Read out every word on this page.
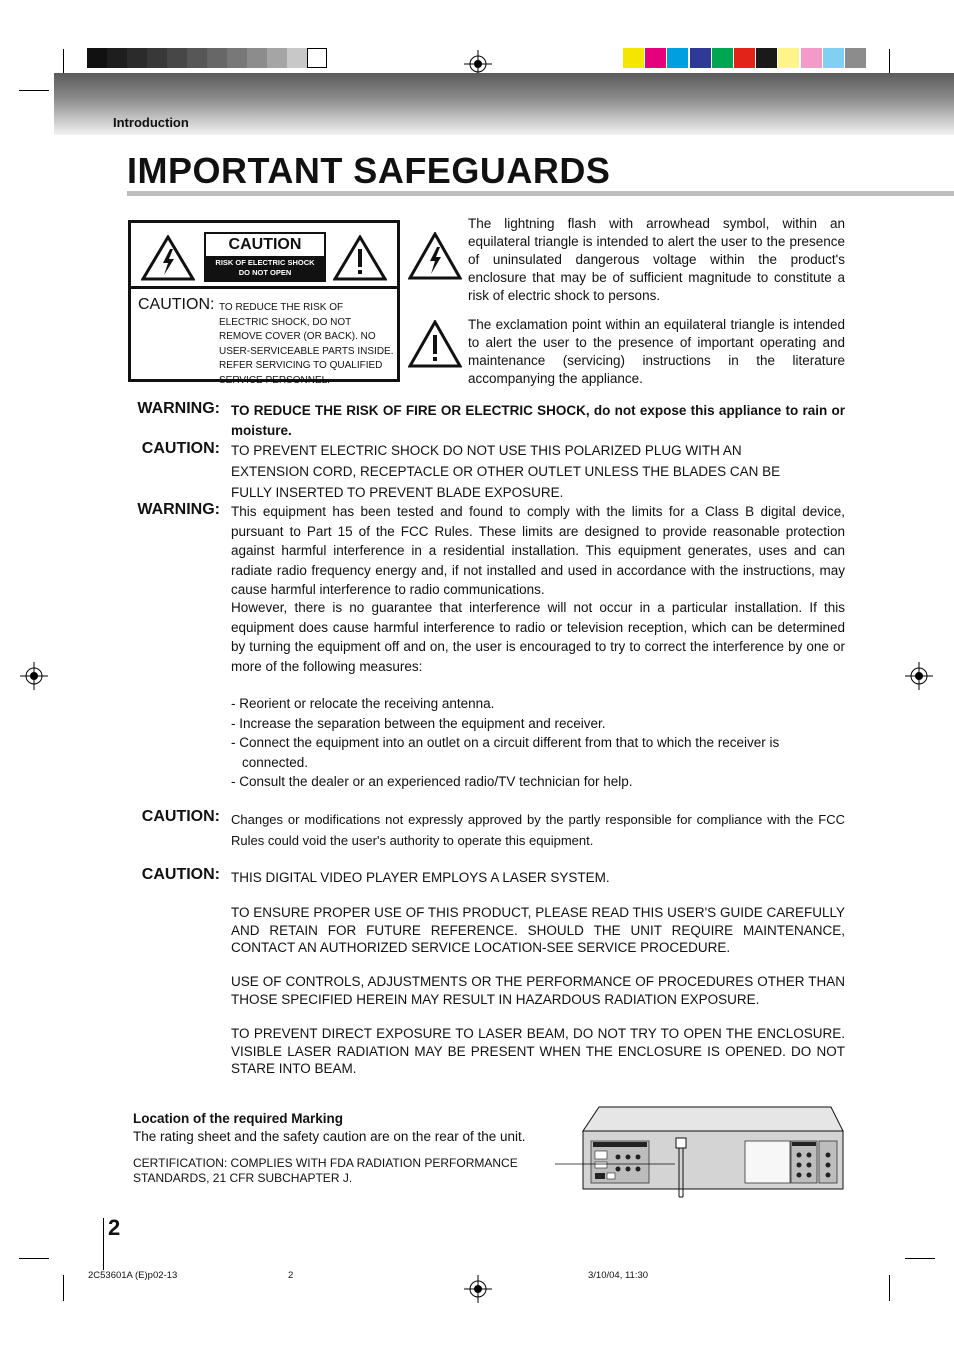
Introduction
IMPORTANT SAFEGUARDS
CAUTION
RISK OF ELECTRIC SHOCK
DO NOT OPEN
CAUTION: TO REDUCE THE RISK OF ELECTRIC SHOCK, DO NOT REMOVE COVER (OR BACK). NO USER-SERVICEABLE PARTS INSIDE. REFER SERVICING TO QUALIFIED SERVICE PERSONNEL.
The lightning flash with arrowhead symbol, within an equilateral triangle is intended to alert the user to the presence of uninsulated dangerous voltage within the product's enclosure that may be of sufficient magnitude to constitute a risk of electric shock to persons.
The exclamation point within an equilateral triangle is intended to alert the user to the presence of important operating and maintenance (servicing) instructions in the literature accompanying the appliance.
WARNING: TO REDUCE THE RISK OF FIRE OR ELECTRIC SHOCK, do not expose this appliance to rain or moisture.
CAUTION: TO PREVENT ELECTRIC SHOCK DO NOT USE THIS POLARIZED PLUG WITH AN EXTENSION CORD, RECEPTACLE OR OTHER OUTLET UNLESS THE BLADES CAN BE FULLY INSERTED TO PREVENT BLADE EXPOSURE.
WARNING: This equipment has been tested and found to comply with the limits for a Class B digital device, pursuant to Part 15 of the FCC Rules. These limits are designed to provide reasonable protection against harmful interference in a residential installation. This equipment generates, uses and can radiate radio frequency energy and, if not installed and used in accordance with the instructions, may cause harmful interference to radio communications.
However, there is no guarantee that interference will not occur in a particular installation. If this equipment does cause harmful interference to radio or television reception, which can be determined by turning the equipment off and on, the user is encouraged to try to correct the interference by one or more of the following measures:
- Reorient or relocate the receiving antenna.
- Increase the separation between the equipment and receiver.
- Connect the equipment into an outlet on a circuit different from that to which the receiver is connected.
- Consult the dealer or an experienced radio/TV technician for help.
CAUTION: Changes or modifications not expressly approved by the partly responsible for compliance with the FCC Rules could void the user's authority to operate this equipment.
CAUTION: THIS DIGITAL VIDEO PLAYER EMPLOYS A LASER SYSTEM.
TO ENSURE PROPER USE OF THIS PRODUCT, PLEASE READ THIS USER'S GUIDE CAREFULLY AND RETAIN FOR FUTURE REFERENCE. SHOULD THE UNIT REQUIRE MAINTENANCE, CONTACT AN AUTHORIZED SERVICE LOCATION-SEE SERVICE PROCEDURE.
USE OF CONTROLS, ADJUSTMENTS OR THE PERFORMANCE OF PROCEDURES OTHER THAN THOSE SPECIFIED HEREIN MAY RESULT IN HAZARDOUS RADIATION EXPOSURE.
TO PREVENT DIRECT EXPOSURE TO LASER BEAM, DO NOT TRY TO OPEN THE ENCLOSURE. VISIBLE LASER RADIATION MAY BE PRESENT WHEN THE ENCLOSURE IS OPENED. DO NOT STARE INTO BEAM.
Location of the required Marking
The rating sheet and the safety caution are on the rear of the unit.
CERTIFICATION: COMPLIES WITH FDA RADIATION PERFORMANCE STANDARDS, 21 CFR SUBCHAPTER J.
2
2C53601A (E)p02-13	2	3/10/04, 11:30
